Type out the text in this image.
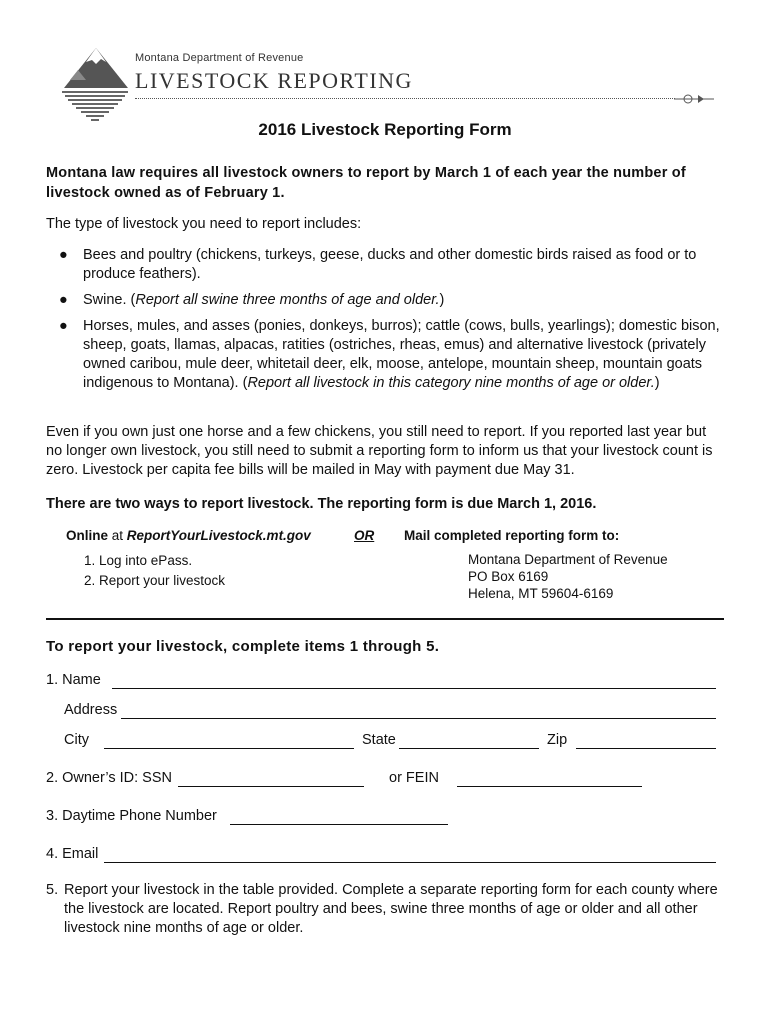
Montana Department of Revenue
LIVESTOCK REPORTING
2016 Livestock Reporting Form
Montana law requires all livestock owners to report by March 1 of each year the number of livestock owned as of February 1.
The type of livestock you need to report includes:
● Bees and poultry (chickens, turkeys, geese, ducks and other domestic birds raised as food or to produce feathers).
● Swine. (Report all swine three months of age and older.)
● Horses, mules, and asses (ponies, donkeys, burros); cattle (cows, bulls, yearlings); domestic bison, sheep, goats, llamas, alpacas, ratities (ostriches, rheas, emus) and alternative livestock (privately owned caribou, mule deer, whitetail deer, elk, moose, antelope, mountain sheep, mountain goats indigenous to Montana). (Report all livestock in this category nine months of age or older.)
Even if you own just one horse and a few chickens, you still need to report. If you reported last year but no longer own livestock, you still need to submit a reporting form to inform us that your livestock count is zero. Livestock per capita fee bills will be mailed in May with payment due May 31.
There are two ways to report livestock. The reporting form is due March 1, 2016.
Online at ReportYourLivestock.mt.gov	OR Mail completed reporting form to:
1. Log into ePass.
2. Report your livestock
Montana Department of Revenue
PO Box 6169
Helena, MT 59604-6169
To report your livestock, complete items 1 through 5.
1. Name
Address
City	State	Zip
2. Owner’s ID: SSN	or FEIN
3. Daytime Phone Number
4. Email
5. Report your livestock in the table provided. Complete a separate reporting form for each county where the livestock are located. Report poultry and bees, swine three months of age or older and all other livestock nine months of age or older.
